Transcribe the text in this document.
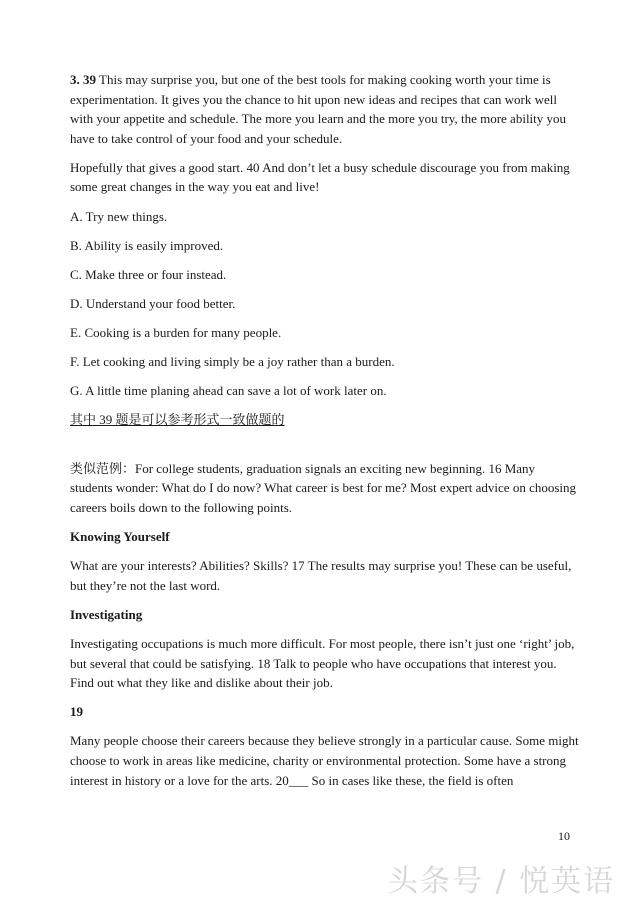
3. 39 This may surprise you, but one of the best tools for making cooking worth your time is experimentation. It gives you the chance to hit upon new ideas and recipes that can work well with your appetite and schedule. The more you learn and the more you try, the more ability you have to take control of your food and your schedule.

Hopefully that gives a good start. 40 And don’t let a busy schedule discourage you from making some great changes in the way you eat and live!

A. Try new things.

B. Ability is easily improved.

C. Make three or four instead.

D. Understand your food better.

E. Cooking is a burden for many people.

F. Let cooking and living simply be a joy rather than a burden.

G. A little time planing ahead can save a lot of work later on.

其中 39 题是可以参考形式一致做题的

类似范例：For college students, graduation signals an exciting new beginning. 16 Many students wonder: What do I do now? What career is best for me? Most expert advice on choosing careers boils down to the following points.

Knowing Yourself

What are your interests? Abilities? Skills? 17 The results may surprise you! These can be useful, but they’re not the last word.

Investigating

Investigating occupations is much more difficult. For most people, there isn’t just one ‘right’ job, but several that could be satisfying. 18 Talk to people who have occupations that interest you. Find out what they like and dislike about their job.

19

Many people choose their careers because they believe strongly in a particular cause. Some might choose to work in areas like medicine, charity or environmental protection. Some have a strong interest in history or a love for the arts. 20___ So in cases like these, the field is often

10
头条号 / 悦英语
